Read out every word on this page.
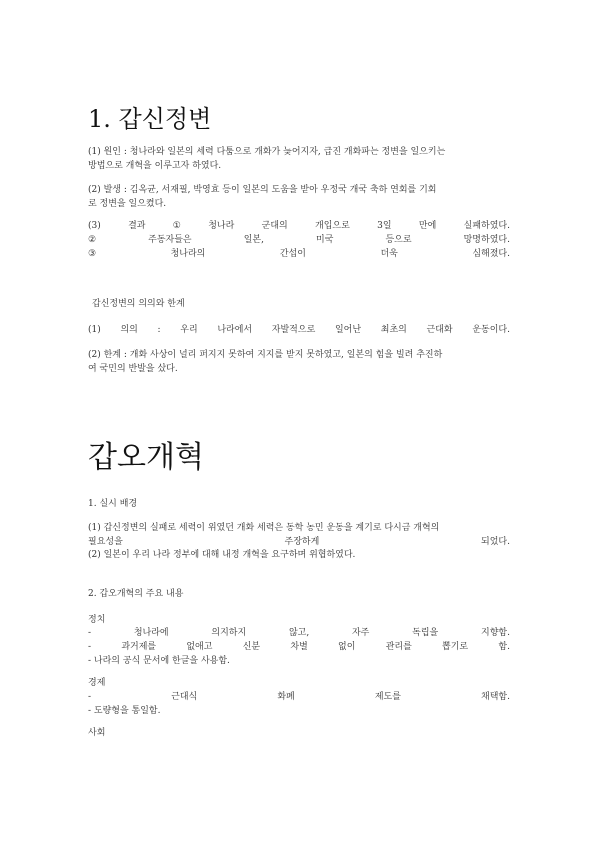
1. 갑신정변
(1) 원인 : 청나라와 일본의 세력 다툼으로 개화가 늦어지자, 급진 개화파는 정변을 일으키는
방법으로 개혁을 이루고자 하였다.
(2) 발생 : 김옥균, 서재필, 박영효 등이 일본의 도움을 받아 우정국 개국 축하 연회를 기회
로 정변을 일으켰다.
(3)	결과	①	청나라	군대의	개입으로	3일	만에	실패하였다.
②	주동자들은	일본,	미국	등으로	망명하였다.
③	청나라의	간섭이	더욱	심해졌다.
갑신정변의 의의와 한계
(1) 의의 : 우리 나라에서 자발적으로 일어난 최초의 근대화 운동이다.
(2) 한계 : 개화 사상이 널리 퍼지지 못하여 지지를 받지 못하였고, 일본의 힘을 빌려 추진하
여 국민의 반발을 샀다.
갑오개혁
1. 실시 배경
(1) 갑신정변의 실패로 세력이 위였던 개화 세력은 동학 농민 운동을 계기로 다시금 개혁의
필요성을	주장하게	되었다.
(2) 일본이 우리 나라 정부에 대해 내정 개혁을 요구하며 위협하였다.
2. 갑오개혁의 주요 내용
정치
-	청나라에	의지하지	않고,	자주	독립을	지향함.
-	과거제를	없애고	신분	차별	없이	관리를	뽑기로	함.
- 나라의 공식 문서에 한글을 사용함.
경제
-	근대식	화폐	제도를	채택함.
- 도량형을 통일함.
사회
